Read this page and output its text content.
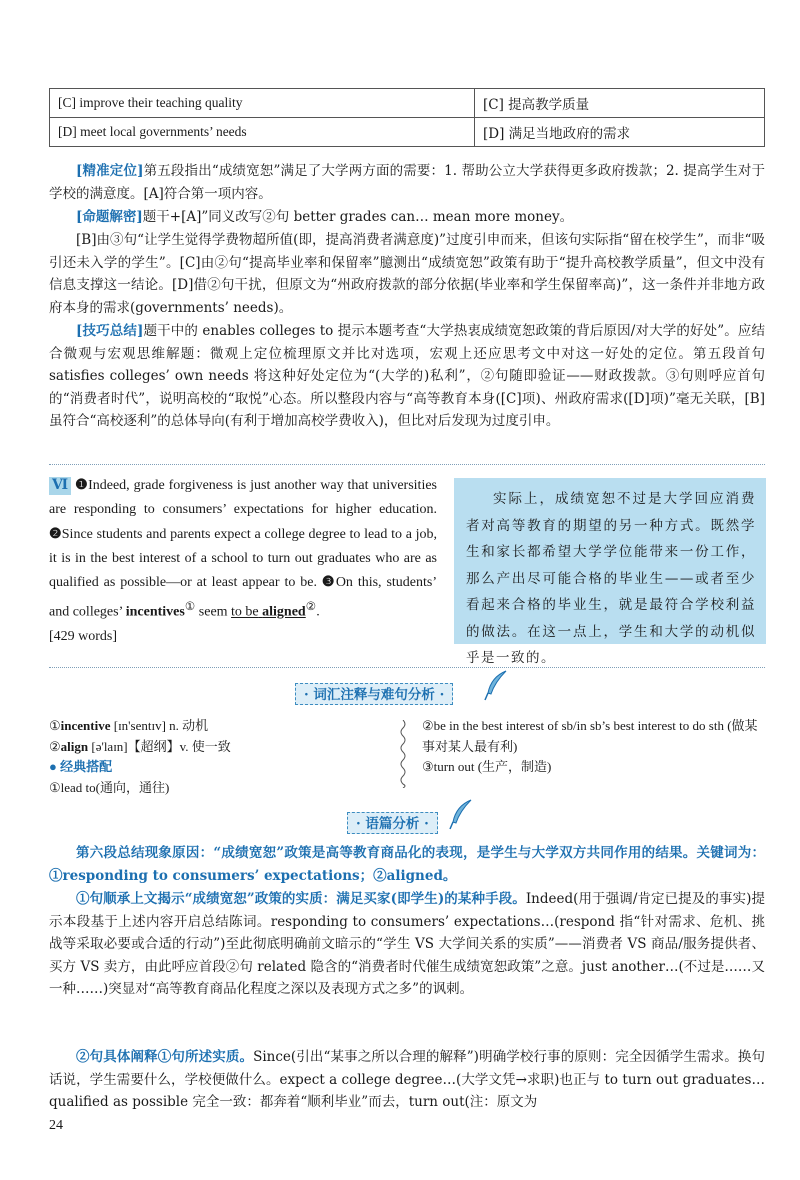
[C] improve their teaching quality	[C] 提高教学质量
[D] meet local governments’ needs	[D] 满足当地政府的需求

[精准定位]第五段指出“成绩宽恕”满足了大学两方面的需要：1. 帮助公立大学获得更多政府拨款；2. 提高学生对于学校的满意度。[A]符合第一项内容。

[命题解密]题干+[A]”同义改写②句 better grades can… mean more money。

[B]由③句“让学生觉得学费物超所值(即，提高消费者满意度)”过度引申而来，但该句实际指“留在校学生”，而非“吸引还未入学的学生”。[C]由②句“提高毕业率和保留率”臆测出“成绩宽恕”政策有助于“提升高校教学质量”，但文中没有信息支撑这一结论。[D]借②句干扰，但原文为“州政府拨款的部分依据(毕业率和学生保留率高)”，这一条件并非地方政府本身的需求(governments’ needs)。

[技巧总结]题干中的 enables colleges to 提示本题考查“大学热衷成绩宽恕政策的背后原因/对大学的好处”。应结合微观与宏观思维解题：微观上定位梳理原文并比对选项，宏观上还应思考文中对这一好处的定位。第五段首句 satisfies colleges’ own needs 将这种好处定位为“(大学的)私利”，②句随即验证——财政拨款。③句则呼应首句的“消费者时代”，说明高校的“取悦”心态。所以整段内容与“高等教育本身([C]项)、州政府需求([D]项)”毫无关联，[B]虽符合“高校逐利”的总体导向(有利于增加高校学费收入)，但比对后发现为过度引申。

Ⅵ ❶Indeed, grade forgiveness is just another way that universities are responding to consumers’ expectations for higher education. ❷Since students and parents expect a college degree to lead to a job, it is in the best interest of a school to turn out graduates who are as qualified as possible—or at least appear to be. ❸On this, students’ and colleges’ incentives① seem to be aligned②.
[429 words]

实际上，成绩宽恕不过是大学回应消费者对高等教育的期望的另一种方式。既然学生和家长都希望大学学位能带来一份工作，那么产出尽可能合格的毕业生——或者至少看起来合格的毕业生，就是最符合学校利益的做法。在这一点上，学生和大学的动机似乎是一致的。

· 词汇注释与难句分析 ·
①incentive [ɪn'sentɪv] n. 动机
②align [ə'laɪn]【超纲】v. 使一致
● 经典搭配
①lead to(通向，通往)
②be in the best interest of sb/in sb’s best interest to do sth (做某事对某人最有利)
③turn out (生产，制造)
· 语篇分析 ·

第六段总结现象原因：“成绩宽恕”政策是高等教育商品化的表现，是学生与大学双方共同作用的结果。关键词为：①responding to consumers’ expectations；②aligned。

①句顺承上文揭示“成绩宽恕”政策的实质：满足买家(即学生)的某种手段。Indeed(用于强调/肯定已提及的事实)提示本段基于上述内容开启总结陈词。responding to consumers’ expectations…(respond 指“针对需求、危机、挑战等采取必要或合适的行动”)至此彻底明确前文暗示的“学生 VS 大学间关系的实质”——消费者 VS 商品/服务提供者、买方 VS 卖方，由此呼应首段②句 related 隐含的“消费者时代催生成绩宽恕政策”之意。just another…(不过是……又一种……)突显对“高等教育商品化程度之深以及表现方式之多”的讽刺。

②句具体阐释①句所述实质。Since(引出“某事之所以合理的解释”)明确学校行事的原则：完全因循学生需求。换句话说，学生需要什么，学校便做什么。expect a college degree…(大学文凭→求职)也正与 to turn out graduates… qualified as possible 完全一致：都奔着“顺利毕业”而去，turn out(注：原文为

24
